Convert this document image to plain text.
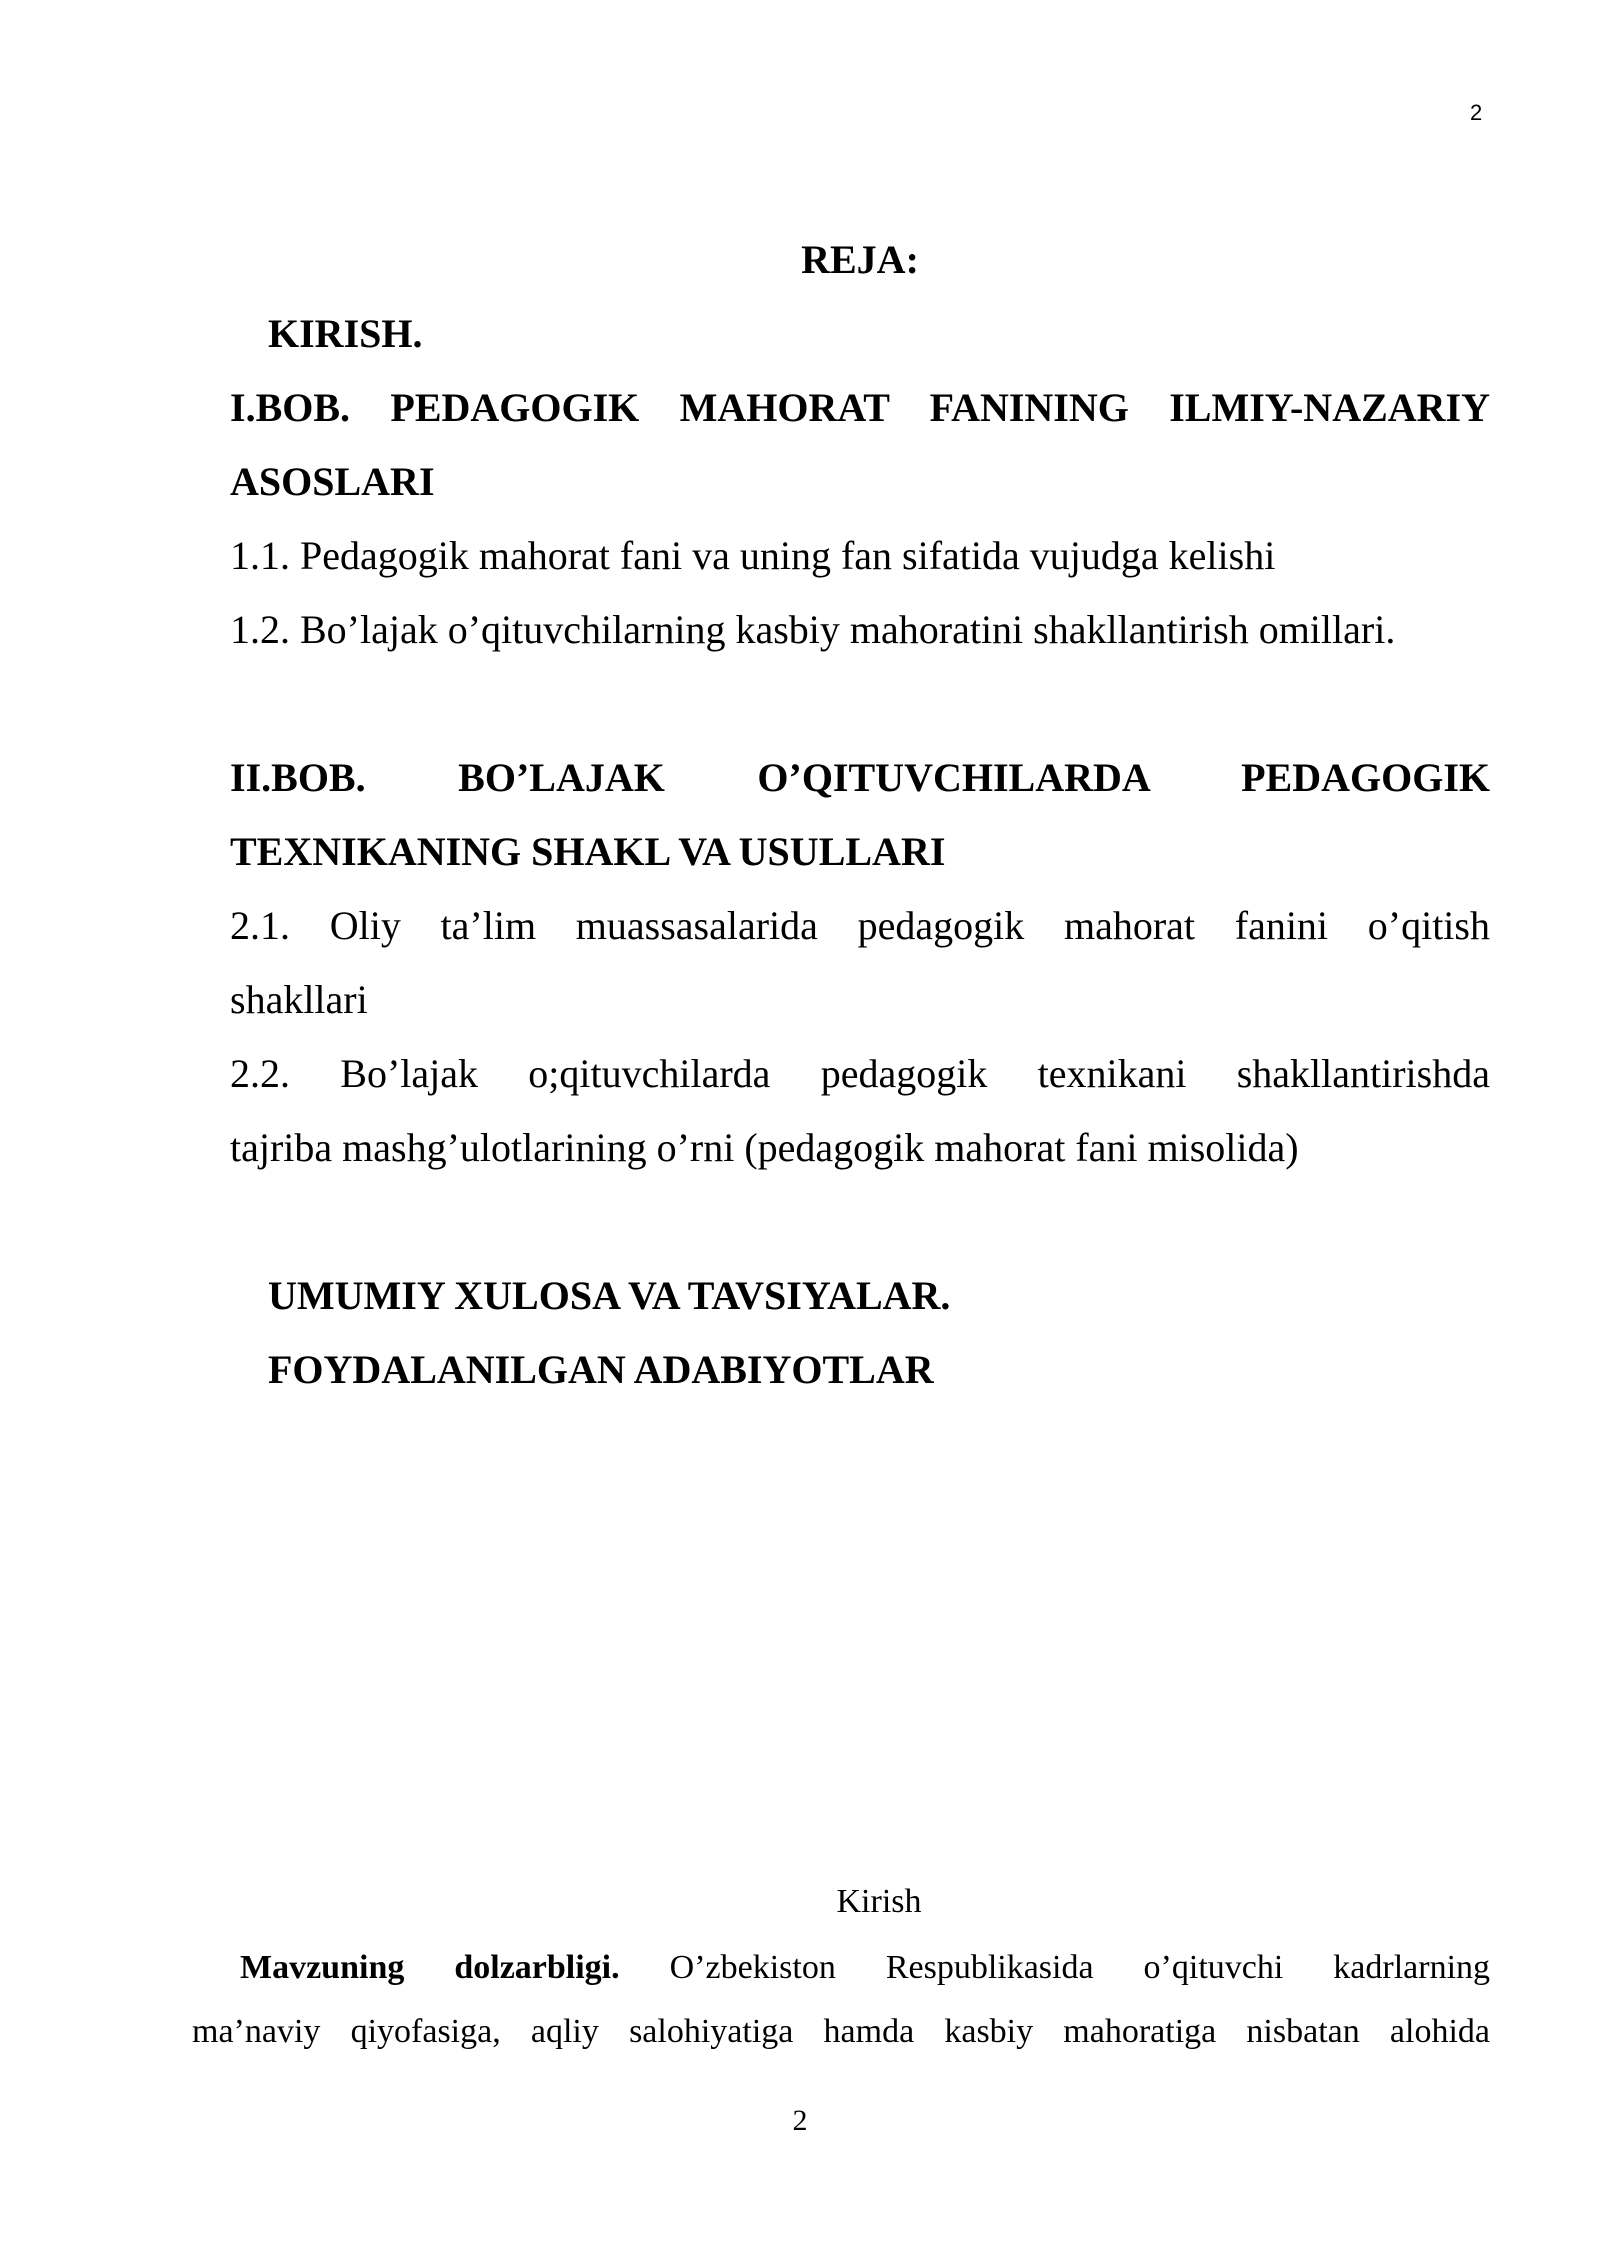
2
REJA:
KIRISH.
I.BOB. PEDAGOGIK MAHORAT FANINING ILMIY-NAZARIY
ASOSLARI
1.1. Pedagogik mahorat fani va uning fan sifatida vujudga kelishi
1.2. Bo’lajak o’qituvchilarning kasbiy mahoratini shakllantirish omillari.
II.BOB. BO’LAJAK O’QITUVCHILARDA PEDAGOGIK
TEXNIKANING SHAKL VA USULLARI
2.1. Oliy ta’lim muassasalarida pedagogik mahorat fanini o’qitish
shakllari
2.2. Bo’lajak o;qituvchilarda pedagogik texnikani shakllantirishda
tajriba mashg’ulotlarining o’rni (pedagogik mahorat fani misolida)
UMUMIY XULOSA VA TAVSIYALAR.
FOYDALANILGAN ADABIYOTLAR
Kirish
Mavzuning dolzarbligi. O’zbekiston Respublikasida o’qituvchi kadrlarning
ma’naviy qiyofasiga, aqliy salohiyatiga hamda kasbiy mahoratiga nisbatan alohida
2
